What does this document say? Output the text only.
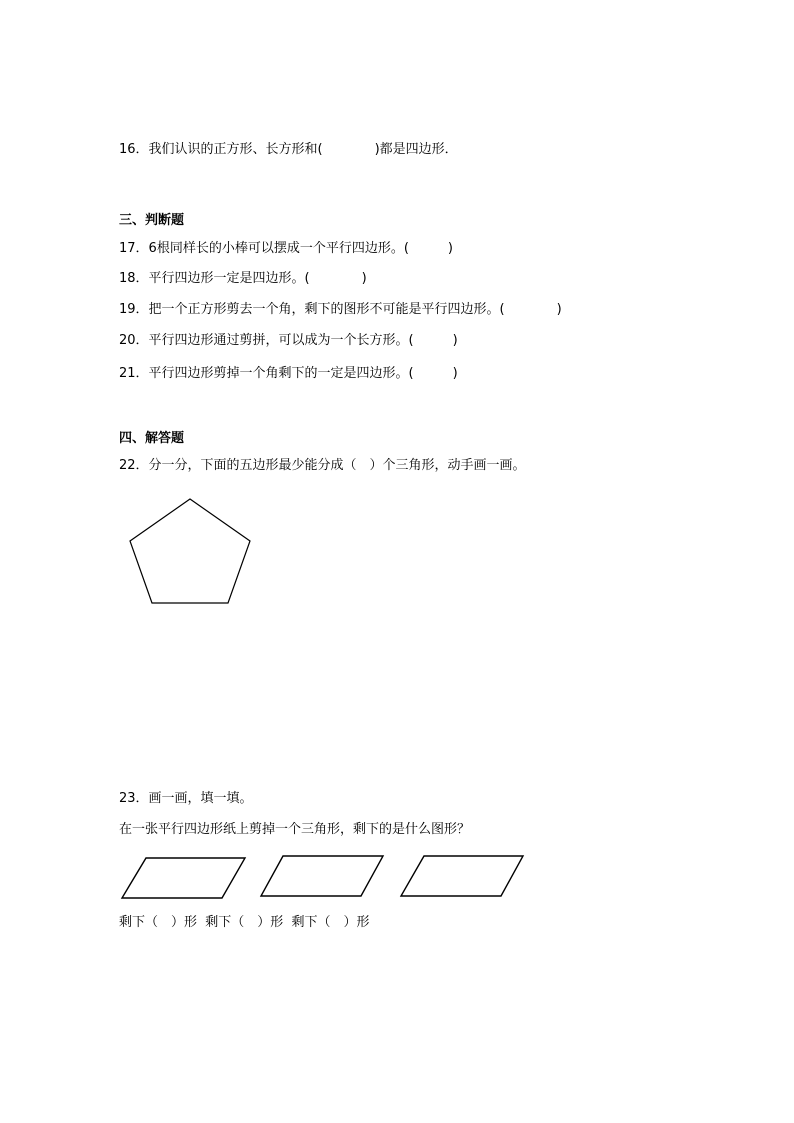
16．我们认识的正方形、长方形和(　　　　)都是四边形．
三、判断题
17．6根同样长的小棒可以摆成一个平行四边形。(　　　)
18．平行四边形一定是四边形。(　　　　)
19．把一个正方形剪去一个角，剩下的图形不可能是平行四边形。(　　　　)
20．平行四边形通过剪拼，可以成为一个长方形。(　　　)
21．平行四边形剪掉一个角剩下的一定是四边形。(　　　)
四、解答题
22．分一分，下面的五边形最少能分成（　）个三角形，动手画一画。
23．画一画，填一填。
在一张平行四边形纸上剪掉一个三角形，剩下的是什么图形？
剩下（　）形  剩下（　）形  剩下（　）形
